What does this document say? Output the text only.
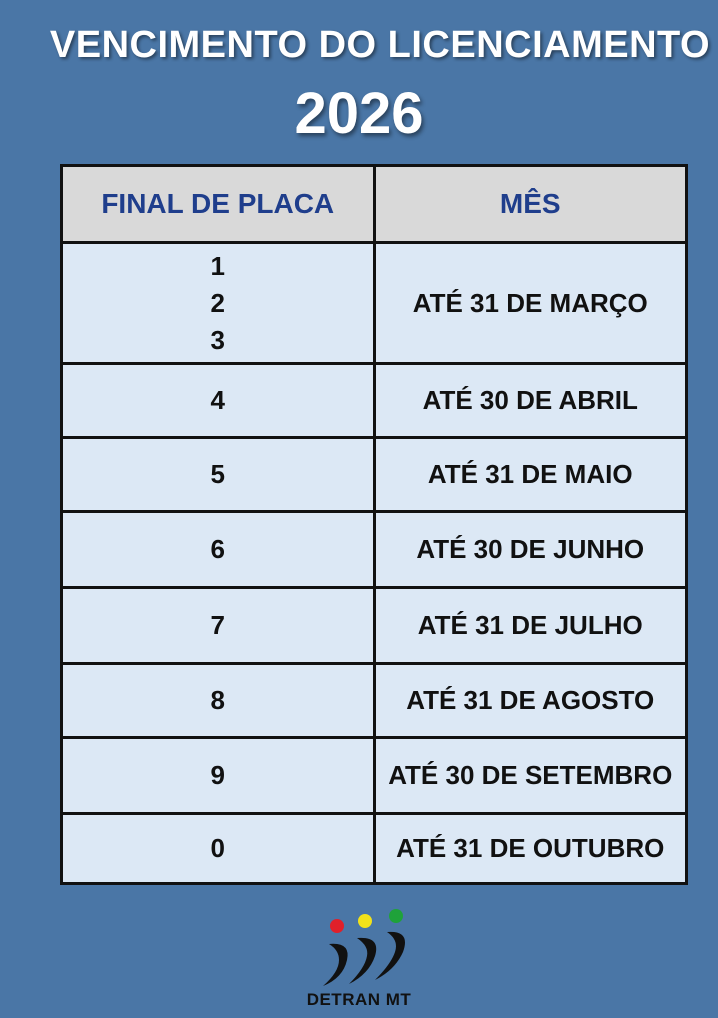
VENCIMENTO DO LICENCIAMENTO
2026
FINAL DE PLACA	MÊS

1
2
3	ATÉ 31 DE MARÇO
4	ATÉ 30 DE ABRIL
5	ATÉ 31 DE MAIO
6	ATÉ 30 DE JUNHO
7	ATÉ 31 DE JULHO
8	ATÉ 31 DE AGOSTO
9	ATÉ 30 DE SETEMBRO
0	ATÉ 31 DE OUTUBRO
DETRAN MT
